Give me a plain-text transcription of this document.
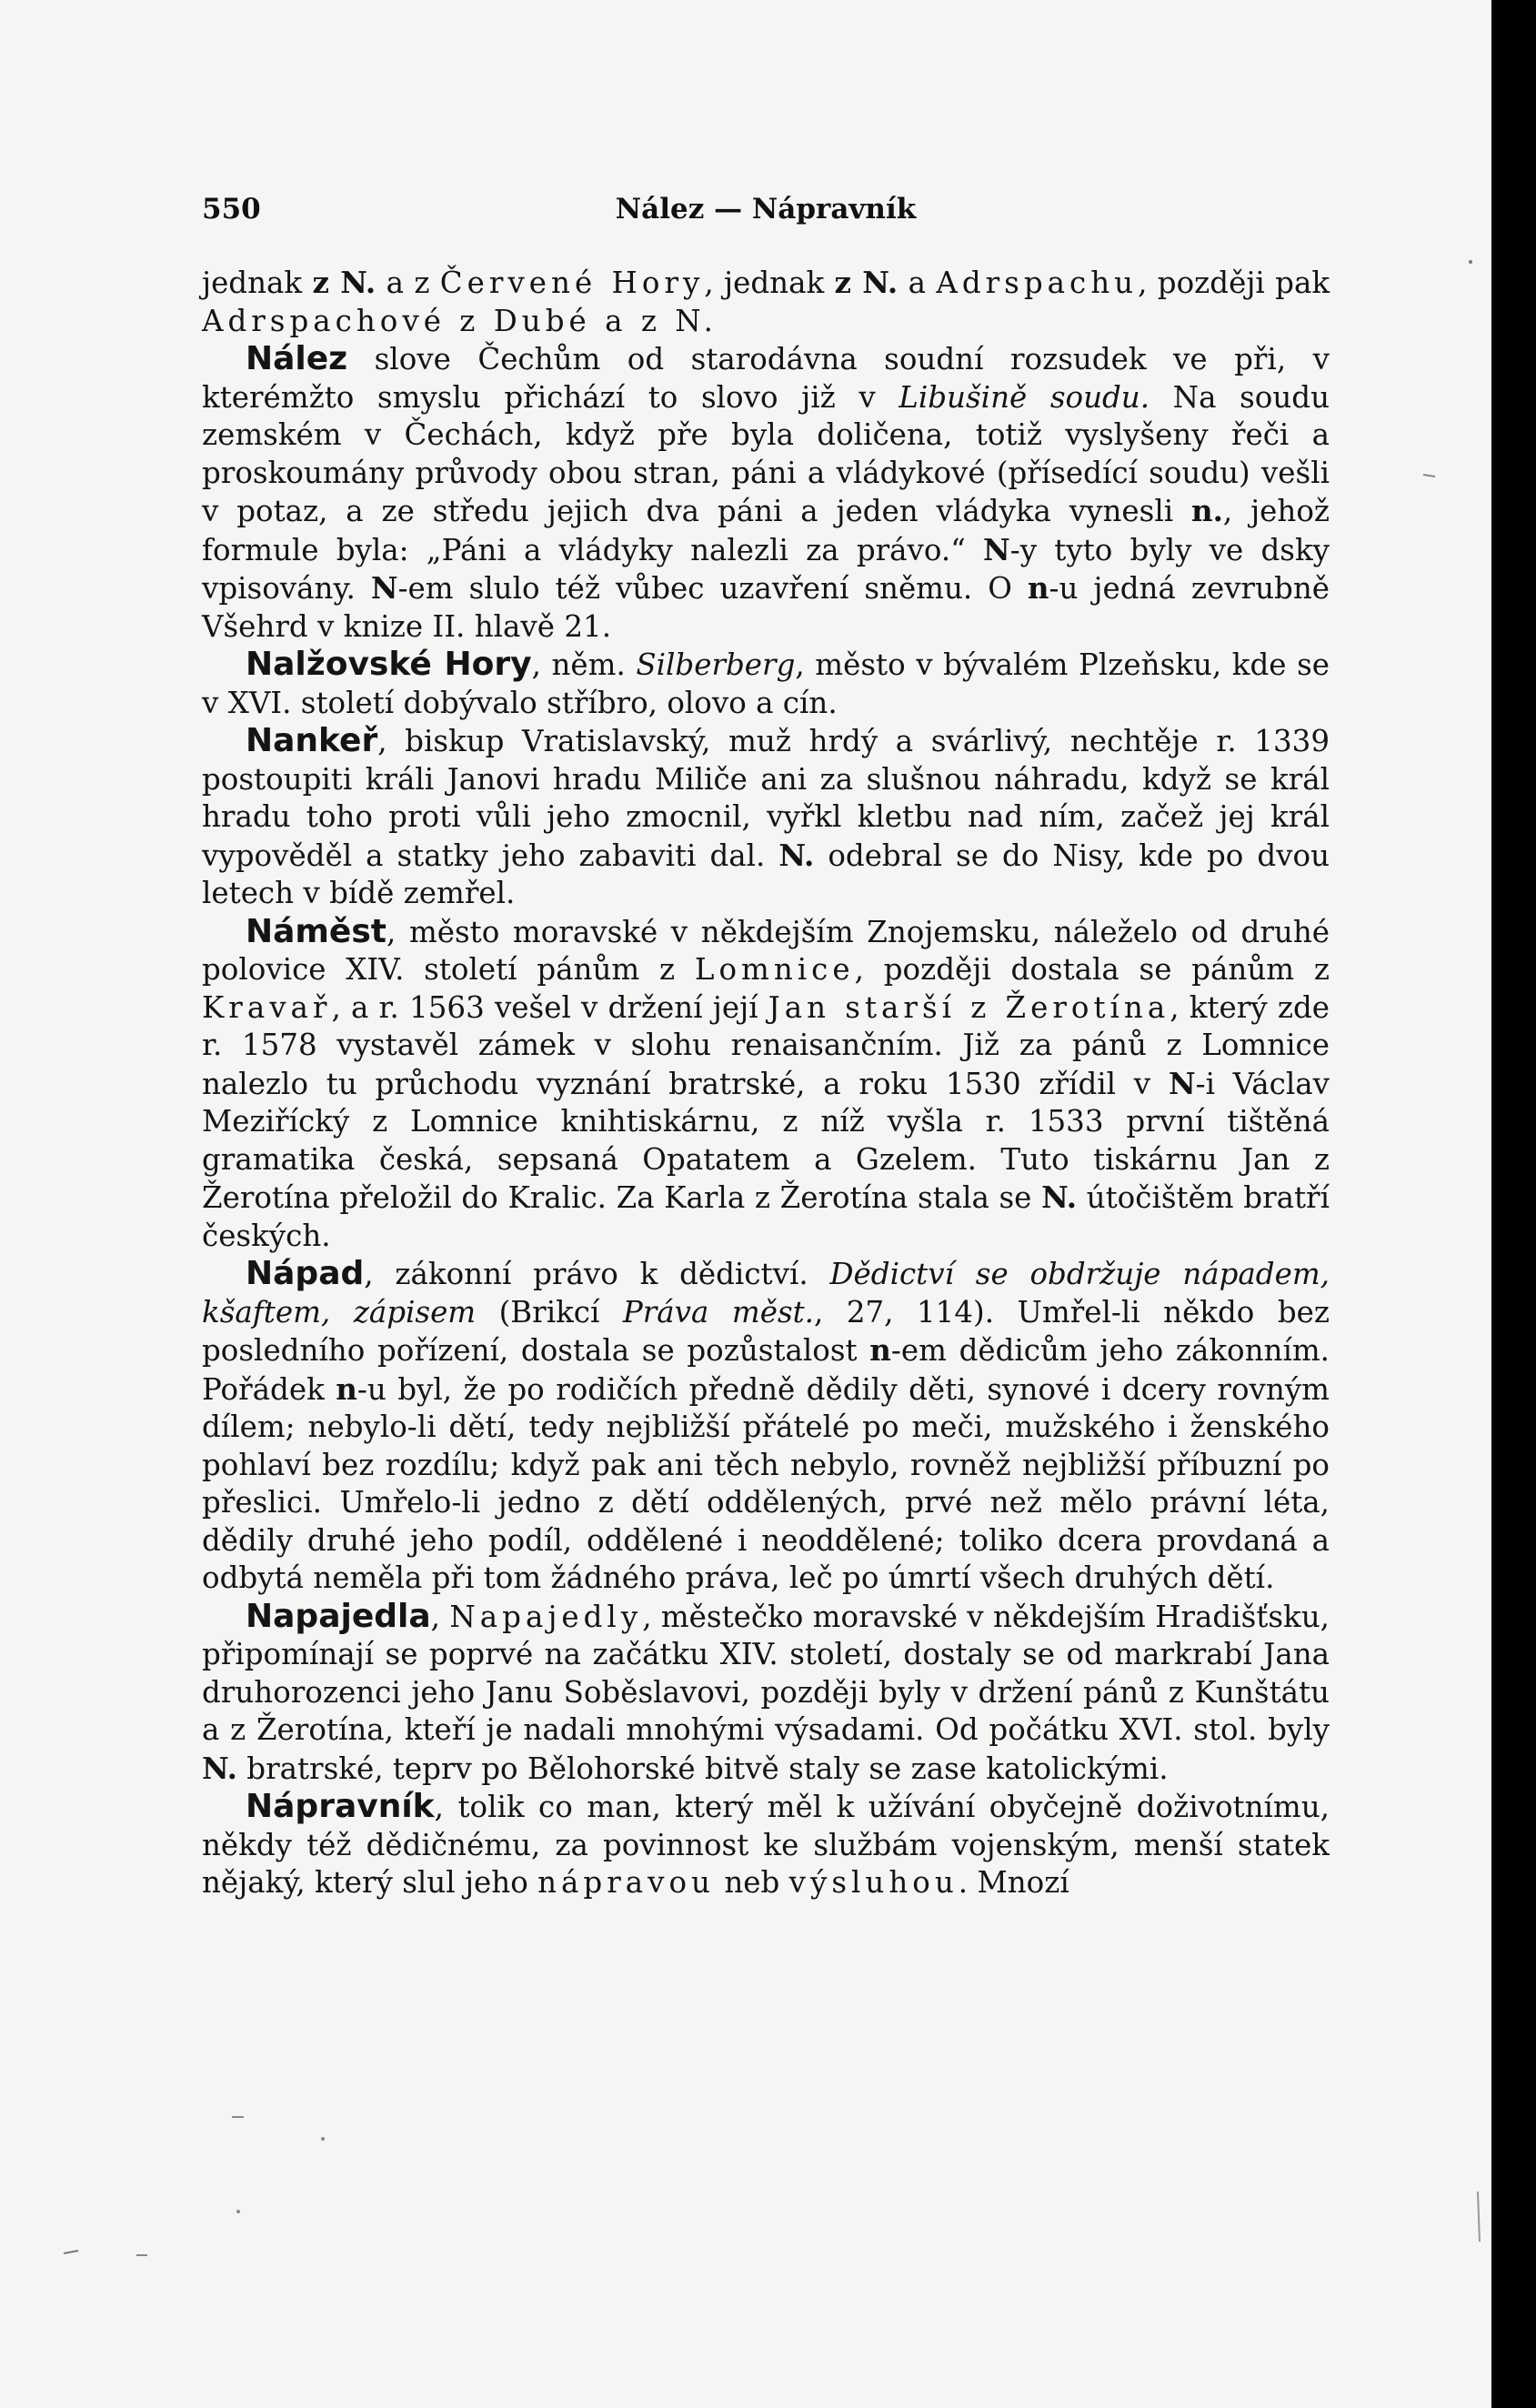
550	Nález — Nápravník

jednak z N. a z Červené Hory, jednak z N. a Adrspachu, později pak Adrspachové z Dubé a z N.

Nález slove Čechům od starodávna soudní rozsudek ve při, v kterémžto smyslu přichází to slovo již v Libušině soudu. Na soudu zemském v Čechách, když pře byla doličena, totiž vyslyšeny řeči a proskoumány průvody obou stran, páni a vládykové (přísedící soudu) vešli v potaz, a ze středu jejich dva páni a jeden vládyka vynesli n., jehož formule byla: „Páni a vládyky nalezli za právo.“ N-y tyto byly ve dsky vpisovány. N-em slulo též vůbec uzavření sněmu. O n-u jedná zevrubně Všehrd v knize II. hlavě 21.

Nalžovské Hory, něm. Silberberg, město v bývalém Plzeňsku, kde se v XVI. století dobývalo stříbro, olovo a cín.

Nankeř, biskup Vratislavský, muž hrdý a svárlivý, nechtěje r. 1339 postoupiti králi Janovi hradu Miliče ani za slušnou náhradu, když se král hradu toho proti vůli jeho zmocnil, vyřkl kletbu nad ním, začež jej král vypověděl a statky jeho zabaviti dal. N. odebral se do Nisy, kde po dvou letech v bídě zemřel.

Náměst, město moravské v někdejším Znojemsku, náleželo od druhé polovice XIV. století pánům z Lomnice, později dostala se pánům z Kravař, a r. 1563 vešel v držení její Jan starší z Žerotína, který zde r. 1578 vystavěl zámek v slohu renaisančním. Již za pánů z Lomnice nalezlo tu průchodu vyznání bratrské, a roku 1530 zřídil v N-i Václav Meziřícký z Lomnice knihtiskárnu, z níž vyšla r. 1533 první tištěná gramatika česká, sepsaná Opatatem a Gzelem. Tuto tiskárnu Jan z Žerotína přeložil do Kralic. Za Karla z Žerotína stala se N. útočištěm bratří českých.

Nápad, zákonní právo k dědictví. Dědictví se obdržuje nápadem, kšaftem, zápisem (Brikcí Práva měst., 27, 114). Umřel-li někdo bez posledního pořízení, dostala se pozůstalost n-em dědicům jeho zákonním. Pořádek n-u byl, že po rodičích předně dědily děti, synové i dcery rovným dílem; nebylo-li dětí, tedy nejbližší přátelé po meči, mužského i ženského pohlaví bez rozdílu; když pak ani těch nebylo, rovněž nejbližší příbuzní po přeslici. Umřelo-li jedno z dětí oddělených, prvé než mělo právní léta, dědily druhé jeho podíl, oddělené i neoddělené; toliko dcera provdaná a odbytá neměla při tom žádného práva, leč po úmrtí všech druhých dětí.

Napajedla, Napajedly, městečko moravské v někdejším Hradišťsku, připomínají se poprvé na začátku XIV. století, dostaly se od markrabí Jana druhorozenci jeho Janu Soběslavovi, později byly v držení pánů z Kunštátu a z Žerotína, kteří je nadali mnohými výsadami. Od počátku XVI. stol. byly N. bratrské, teprv po Bělohorské bitvě staly se zase katolickými.

Nápravník, tolik co man, který měl k užívání obyčejně doživotnímu, někdy též dědičnému, za povinnost ke službám vojenským, menší statek nějaký, který slul jeho nápravou neb výsluhou. Mnozí
